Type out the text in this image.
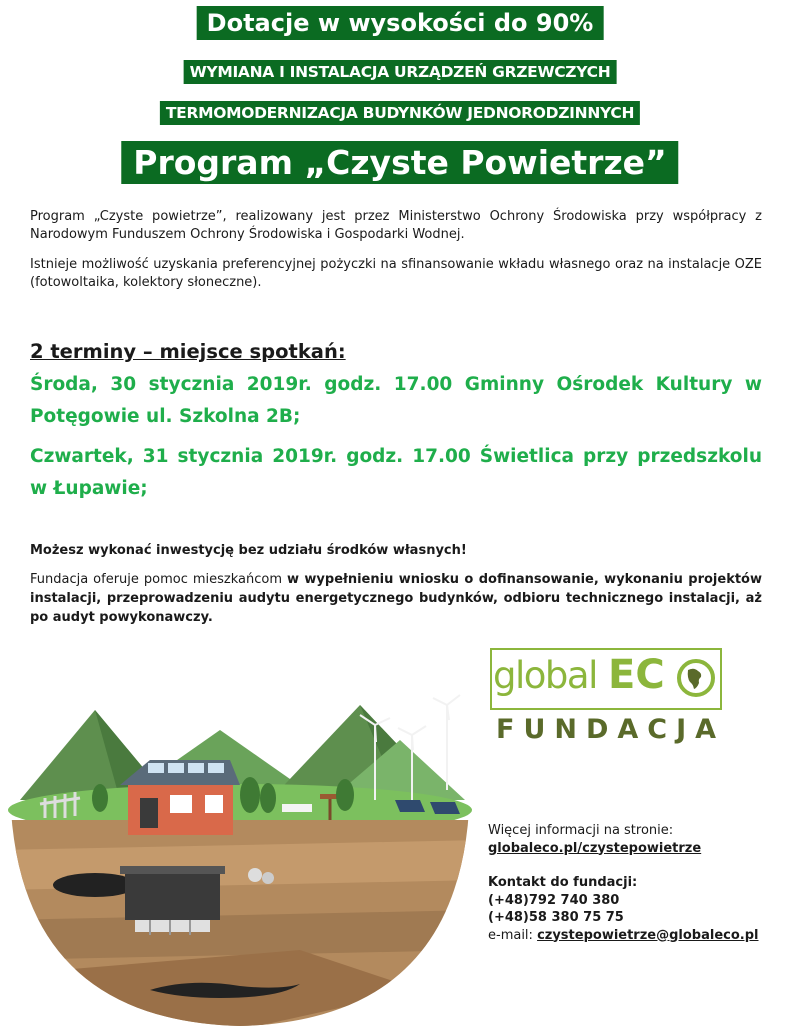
Dotacje w wysokości do 90%
WYMIANA I INSTALACJA URZĄDZEŃ GRZEWCZYCH
TERMOMODERNIZACJA BUDYNKÓW JEDNORODZINNYCH
Program „Czyste Powietrze”

Program „Czyste powietrze”, realizowany jest przez Ministerstwo Ochrony Środowiska przy współpracy z Narodowym Funduszem Ochrony Środowiska i Gospodarki Wodnej.

Istnieje możliwość uzyskania preferencyjnej pożyczki na sfinansowanie wkładu własnego oraz na instalacje OZE (fotowoltaika, kolektory słoneczne).

2 terminy – miejsce spotkań:

Środa, 30 stycznia 2019r. godz. 17.00 Gminny Ośrodek Kultury w Potęgowie ul. Szkolna 2B;

Czwartek, 31 stycznia 2019r. godz. 17.00 Świetlica przy przedszkolu w Łupawie;

Możesz wykonać inwestycję bez udziału środków własnych!

Fundacja oferuje pomoc mieszkańcom w wypełnieniu wniosku o dofinansowanie, wykonaniu projektów instalacji, przeprowadzeniu audytu energetycznego budynków, odbioru technicznego instalacji, aż po audyt powykonawczy.

global EC
FUNDACJA

Więcej informacji na stronie:

globaleco.pl/czystepowietrze

Kontakt do fundacji:

(+48)792 740 380

(+48)58 380 75 75

e-mail: czystepowietrze@globaleco.pl
